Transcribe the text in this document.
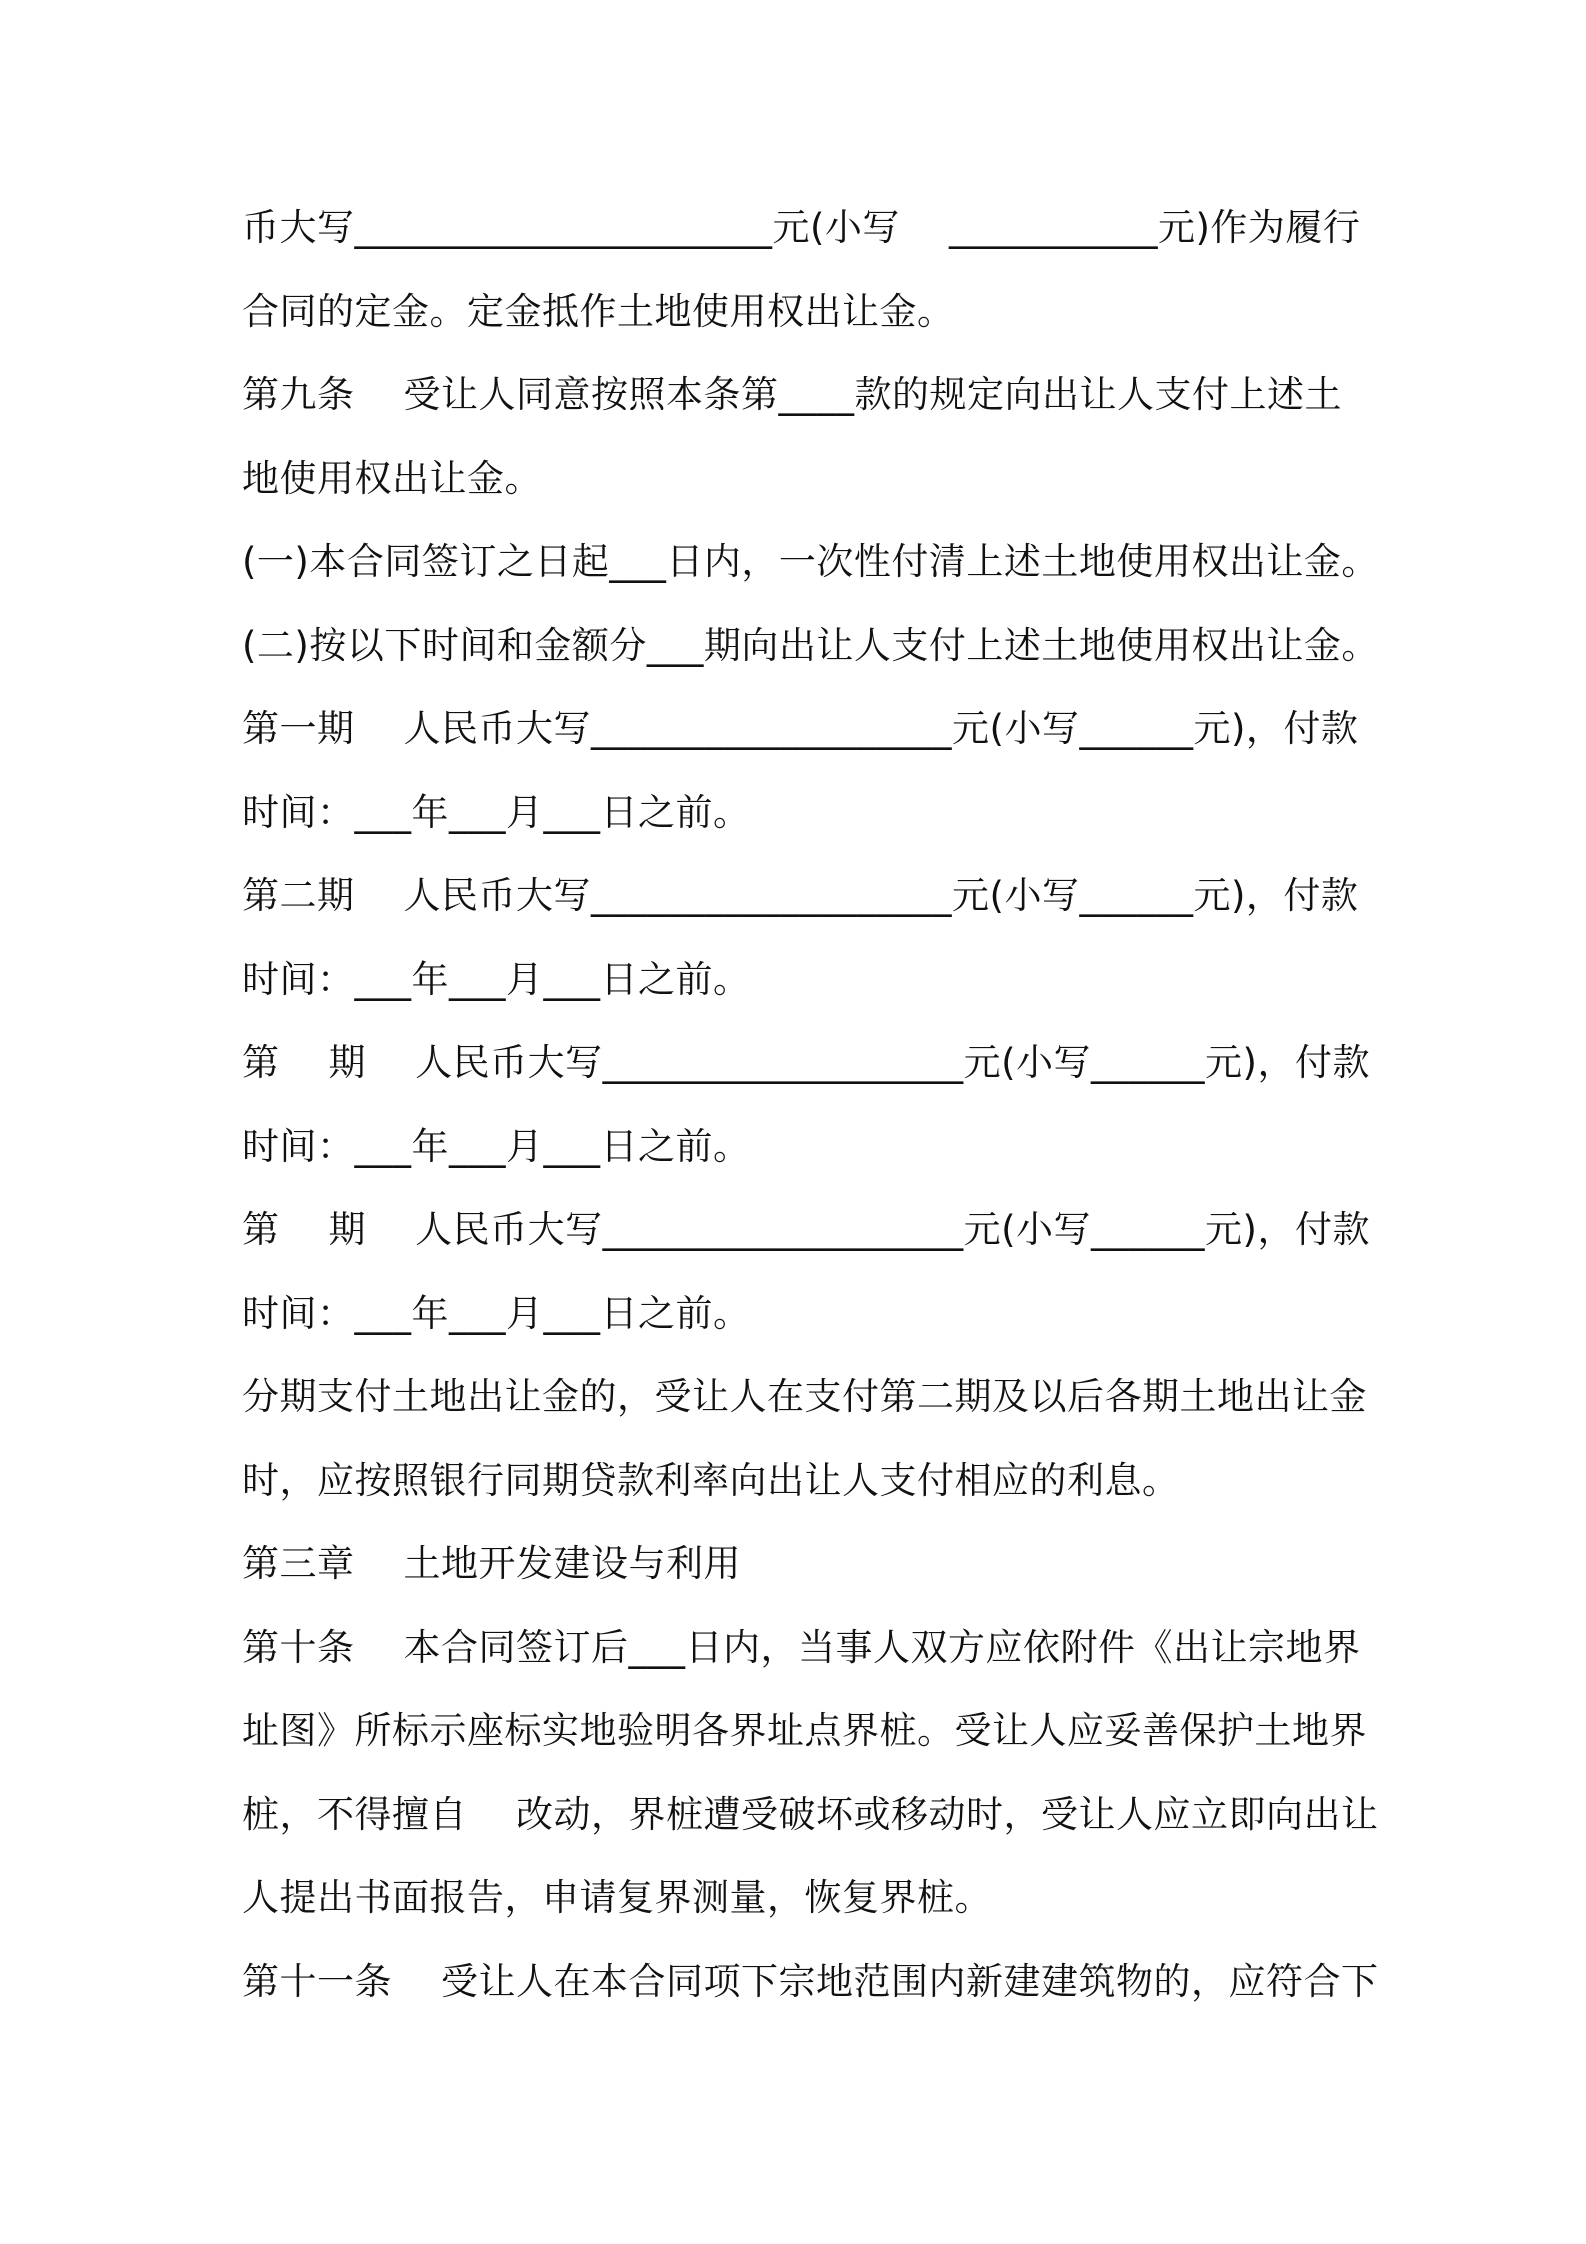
币大写______________________元(小写    ___________元)作为履行
合同的定金。定金抵作土地使用权出让金。
第九条    受让人同意按照本条第____款的规定向出让人支付上述土
地使用权出让金。
(一)本合同签订之日起___日内，一次性付清上述土地使用权出让金。
(二)按以下时间和金额分___期向出让人支付上述土地使用权出让金。
第一期    人民币大写___________________元(小写______元)，付款
时间：___年___月___日之前。
第二期    人民币大写___________________元(小写______元)，付款
时间：___年___月___日之前。
第    期    人民币大写___________________元(小写______元)，付款
时间：___年___月___日之前。
第    期    人民币大写___________________元(小写______元)，付款
时间：___年___月___日之前。
分期支付土地出让金的，受让人在支付第二期及以后各期土地出让金
时，应按照银行同期贷款利率向出让人支付相应的利息。
第三章    土地开发建设与利用
第十条    本合同签订后___日内，当事人双方应依附件《出让宗地界
址图》所标示座标实地验明各界址点界桩。受让人应妥善保护土地界
桩，不得擅自    改动，界桩遭受破坏或移动时，受让人应立即向出让
人提出书面报告，申请复界测量，恢复界桩。
第十一条    受让人在本合同项下宗地范围内新建建筑物的，应符合下
